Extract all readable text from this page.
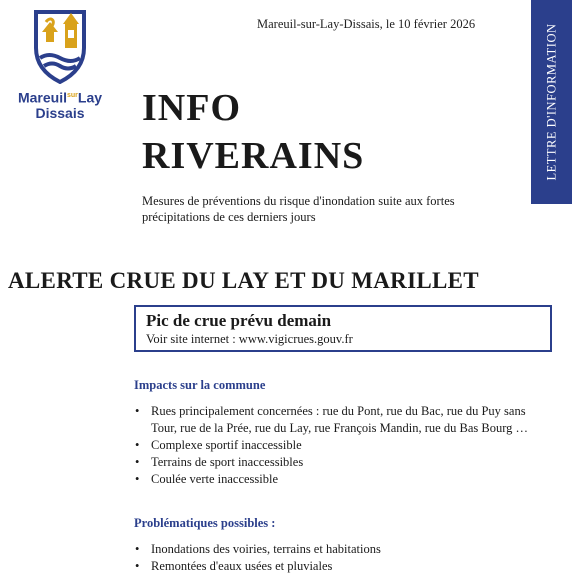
Mareuil$^{sur}$Lay
Dissais
Mareuil-sur-Lay-Dissais, le 10 février 2026	LETTRE D'INFORMATION
INFO
RIVERAINS
Mesures de préventions du risque d'inondation suite aux fortes précipitations de ces derniers jours
ALERTE CRUE DU LAY ET DU MARILLET
Pic de crue prévu demain
Voir site internet : www.vigicrues.gouv.fr
Impacts sur la commune
• Rues principalement concernées : rue du Pont, rue du Bac, rue du Puy sans Tour, rue de la Prée, rue du Lay, rue François Mandin, rue du Bas Bourg …
• Complexe sportif inaccessible
• Terrains de sport inaccessibles
• Coulée verte inaccessible
Problématiques possibles :
• Inondations des voiries, terrains et habitations
• Remontées d'eaux usées et pluviales
